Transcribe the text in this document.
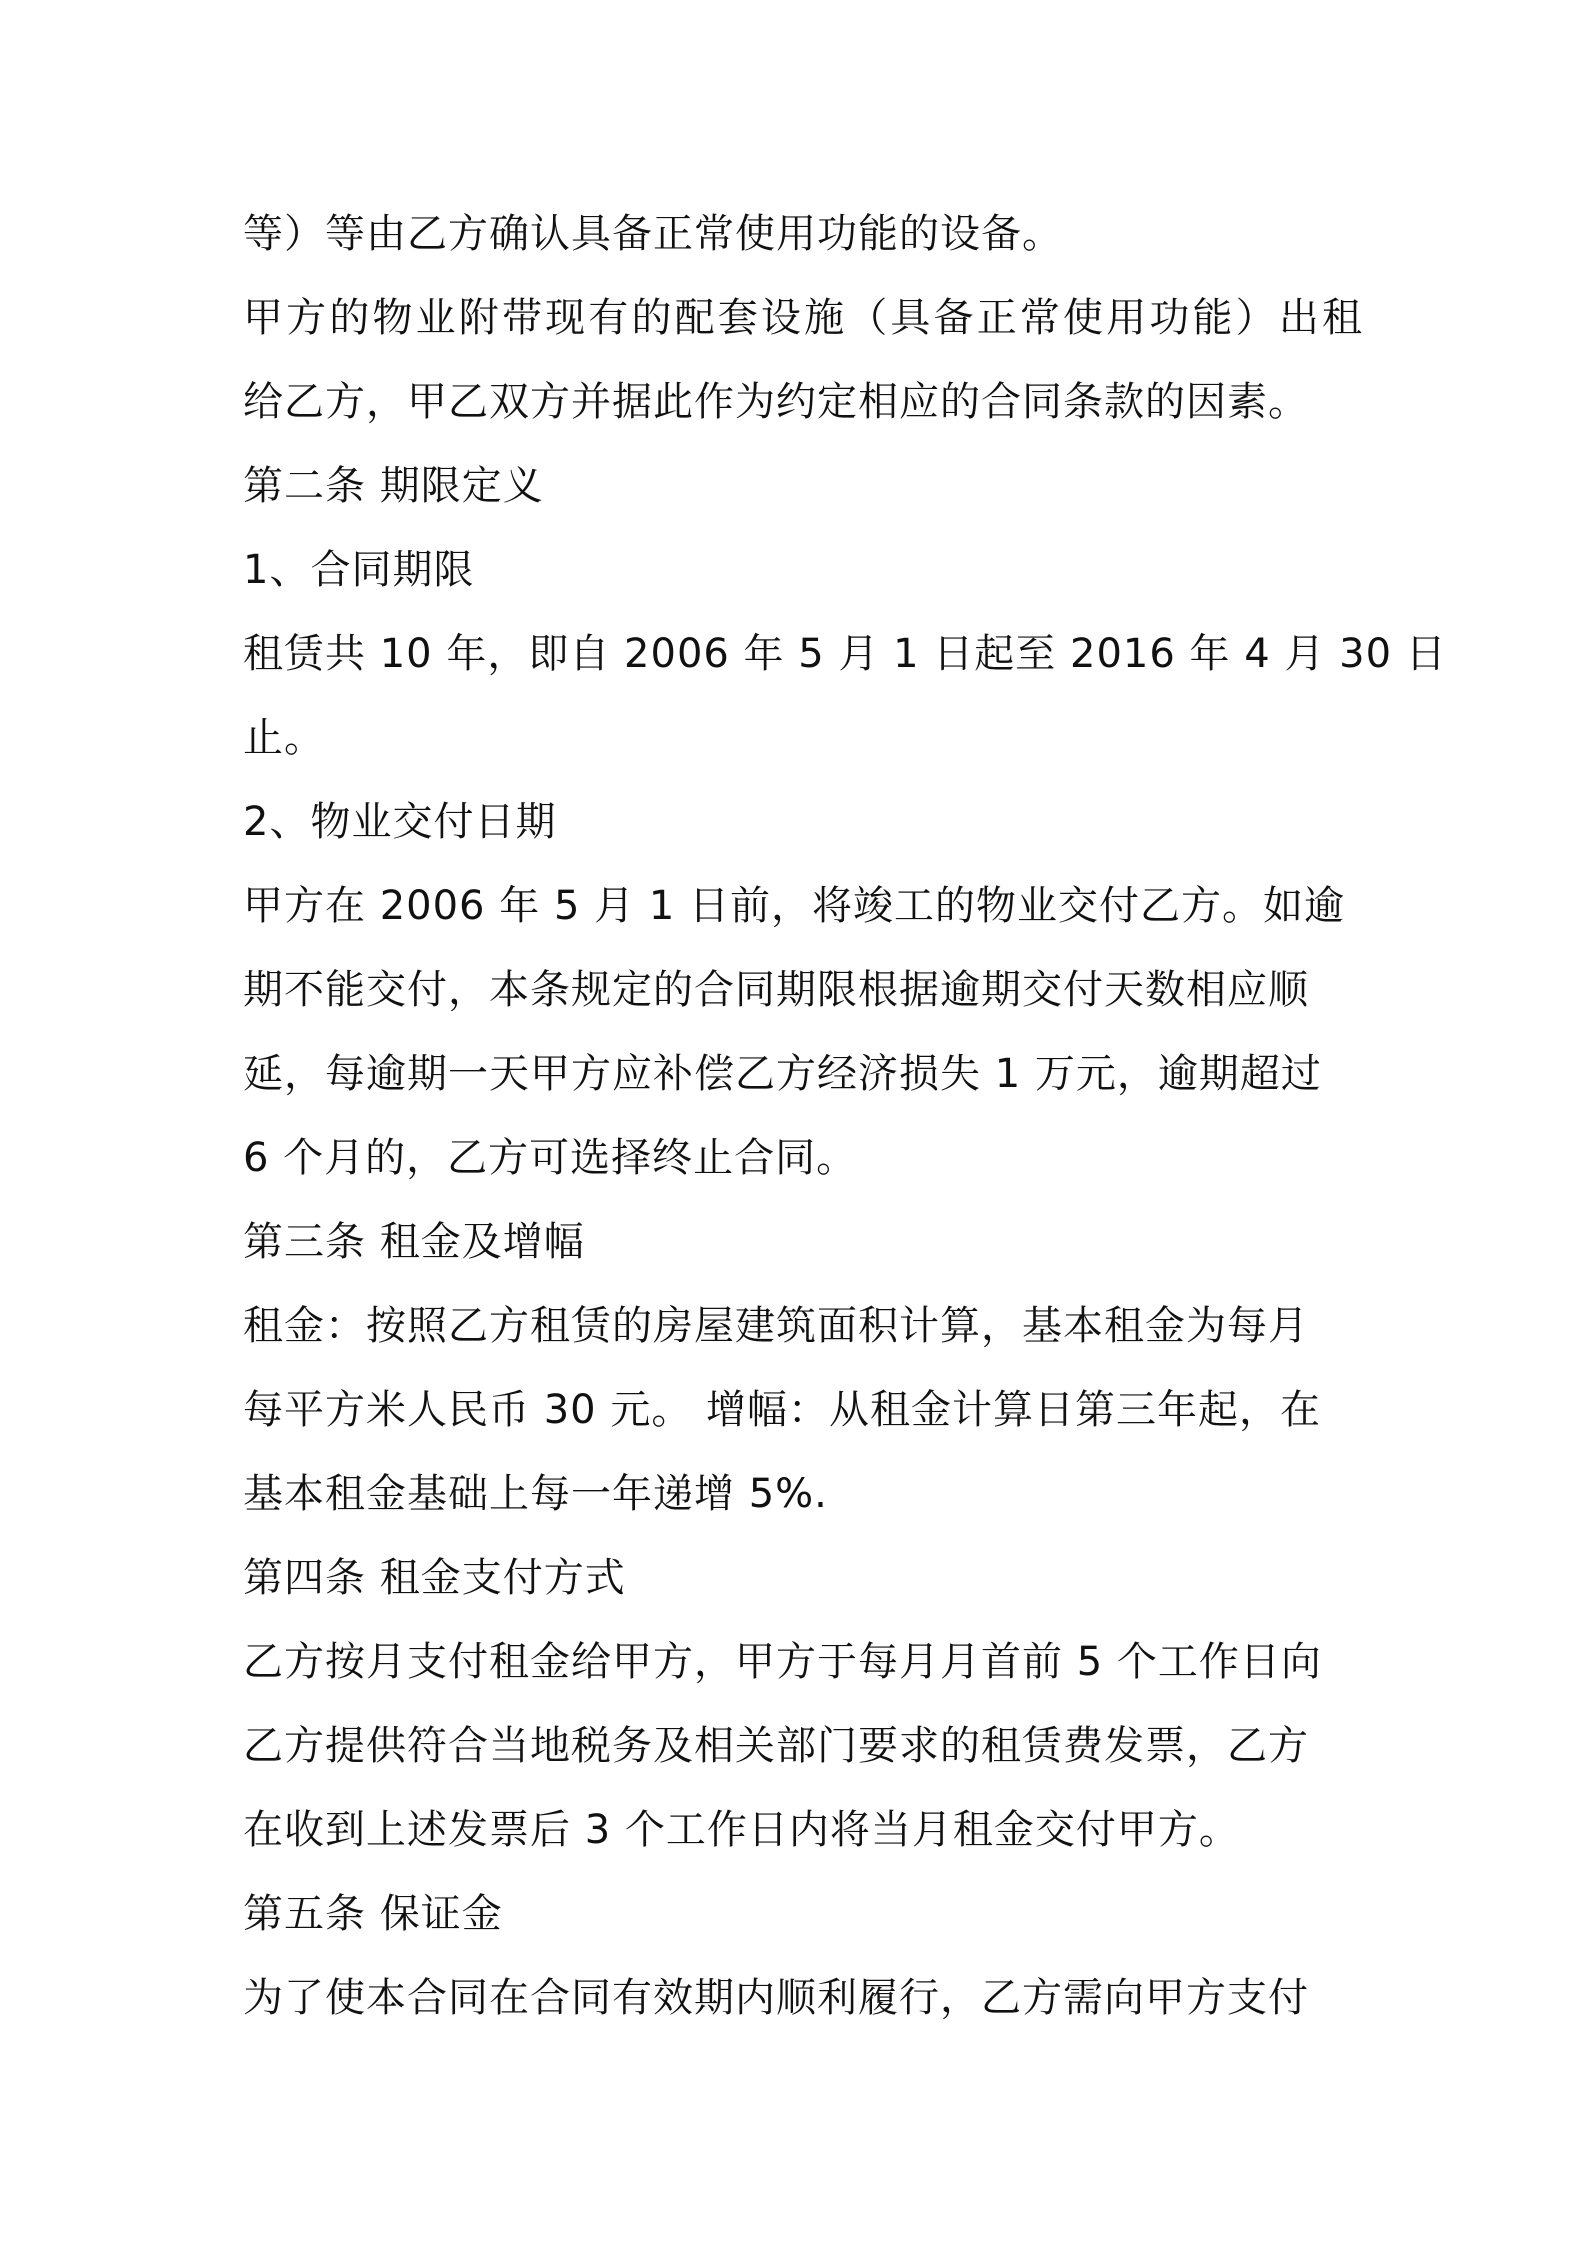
等）等由乙方确认具备正常使用功能的设备。
甲方的物业附带现有的配套设施（具备正常使用功能）出租
给乙方，甲乙双方并据此作为约定相应的合同条款的因素。
第二条 期限定义
1、合同期限
租赁共 10 年，即自 2006 年 5 月 1 日起至 2016 年 4 月 30 日
止。
2、物业交付日期
甲方在 2006 年 5 月 1 日前，将竣工的物业交付乙方。如逾
期不能交付，本条规定的合同期限根据逾期交付天数相应顺
延，每逾期一天甲方应补偿乙方经济损失 1 万元，逾期超过
6 个月的，乙方可选择终止合同。
第三条 租金及增幅
租金：按照乙方租赁的房屋建筑面积计算，基本租金为每月
每平方米人民币 30 元。 增幅：从租金计算日第三年起，在
基本租金基础上每一年递增 5%.
第四条 租金支付方式
乙方按月支付租金给甲方，甲方于每月月首前 5 个工作日向
乙方提供符合当地税务及相关部门要求的租赁费发票，乙方
在收到上述发票后 3 个工作日内将当月租金交付甲方。
第五条 保证金
为了使本合同在合同有效期内顺利履行，乙方需向甲方支付
